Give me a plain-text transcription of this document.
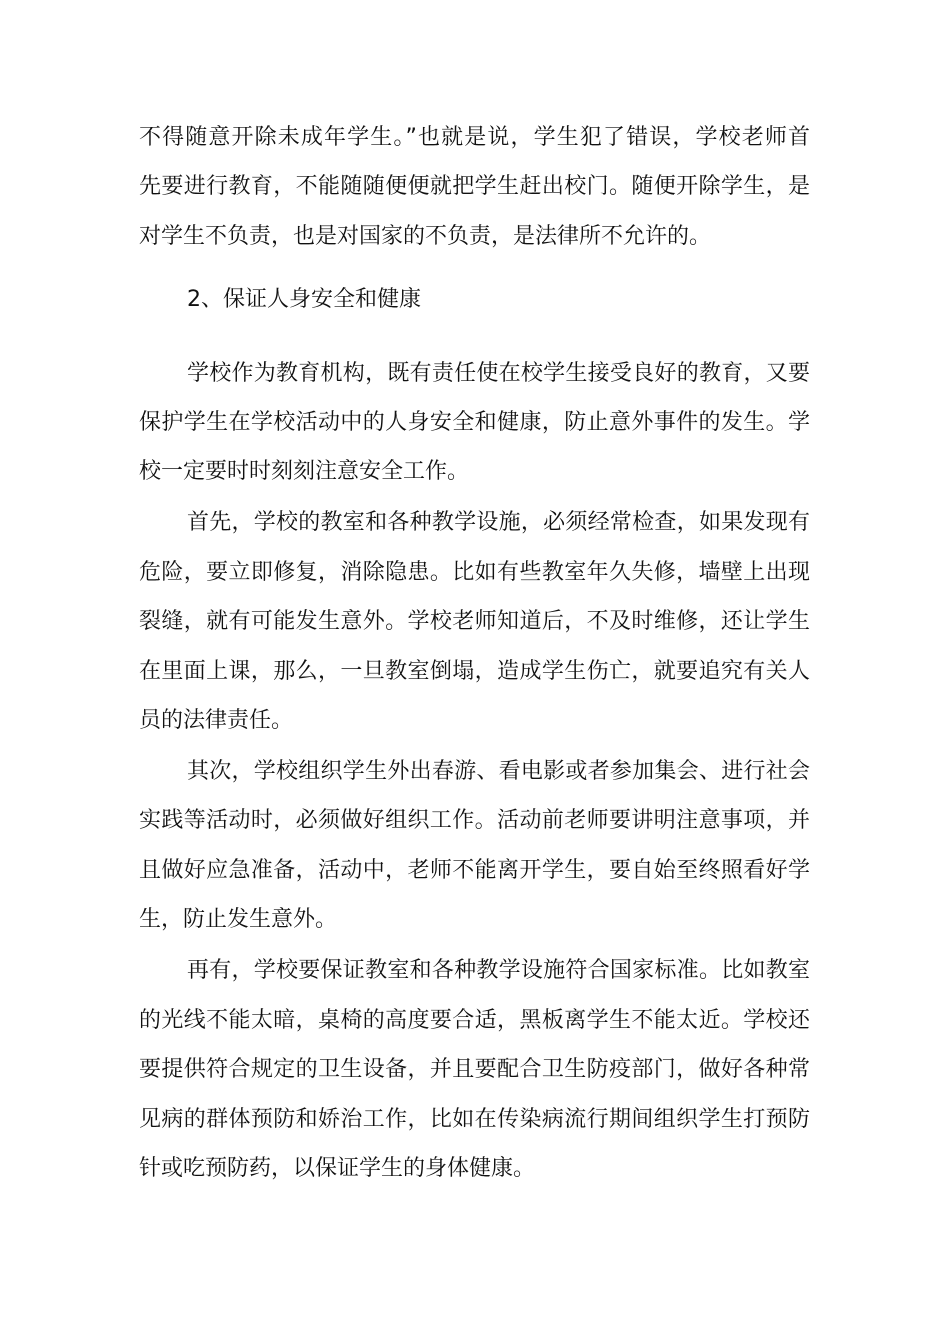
不得随意开除未成年学生。”也就是说，学生犯了错误，学校老师首
先要进行教育，不能随随便便就把学生赶出校门。随便开除学生，是
对学生不负责，也是对国家的不负责，是法律所不允许的。
2、保证人身安全和健康
学校作为教育机构，既有责任使在校学生接受良好的教育，又要
保护学生在学校活动中的人身安全和健康，防止意外事件的发生。学
校一定要时时刻刻注意安全工作。
首先，学校的教室和各种教学设施，必须经常检查，如果发现有
危险，要立即修复，消除隐患。比如有些教室年久失修，墙壁上出现
裂缝，就有可能发生意外。学校老师知道后，不及时维修，还让学生
在里面上课，那么，一旦教室倒塌，造成学生伤亡，就要追究有关人
员的法律责任。
其次，学校组织学生外出春游、看电影或者参加集会、进行社会
实践等活动时，必须做好组织工作。活动前老师要讲明注意事项，并
且做好应急准备，活动中，老师不能离开学生，要自始至终照看好学
生，防止发生意外。
再有，学校要保证教室和各种教学设施符合国家标准。比如教室
的光线不能太暗，桌椅的高度要合适，黑板离学生不能太近。学校还
要提供符合规定的卫生设备，并且要配合卫生防疫部门，做好各种常
见病的群体预防和娇治工作，比如在传染病流行期间组织学生打预防
针或吃预防药，以保证学生的身体健康。
